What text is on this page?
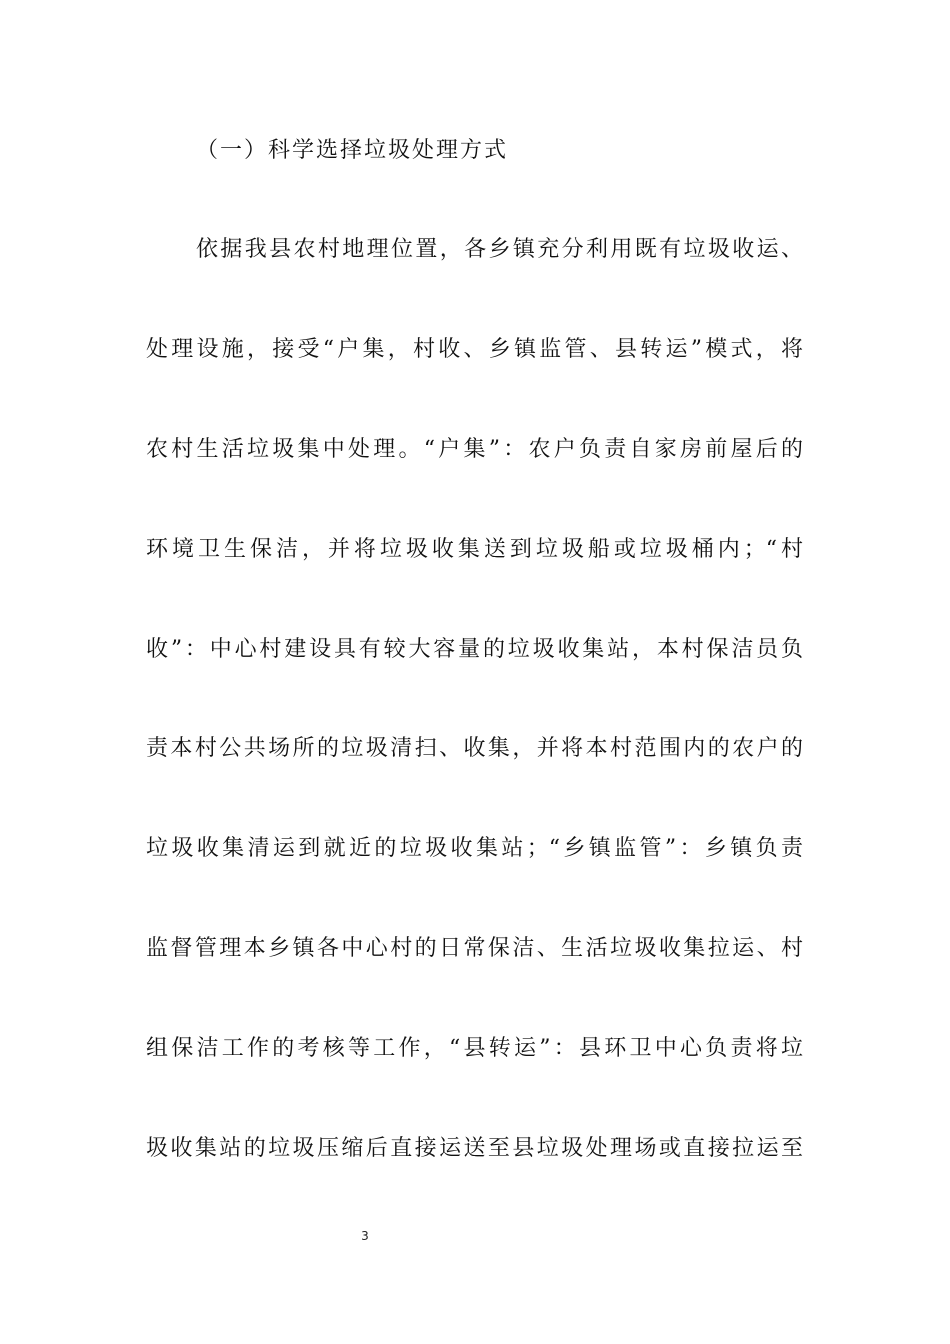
（一）科学选择垃圾处理方式
依据我县农村地理位置，各乡镇充分利用既有垃圾收运、
处理设施，接受“户集，村收、乡镇监管、县转运”模式，将
农村生活垃圾集中处理。“户集”：农户负责自家房前屋后的
环境卫生保洁，并将垃圾收集送到垃圾船或垃圾桶内；“村
收”：中心村建设具有较大容量的垃圾收集站，本村保洁员负
责本村公共场所的垃圾清扫、收集，并将本村范围内的农户的
垃圾收集清运到就近的垃圾收集站；“乡镇监管”：乡镇负责
监督管理本乡镇各中心村的日常保洁、生活垃圾收集拉运、村
组保洁工作的考核等工作，“县转运”：县环卫中心负责将垃
圾收集站的垃圾压缩后直接运送至县垃圾处理场或直接拉运至
3
